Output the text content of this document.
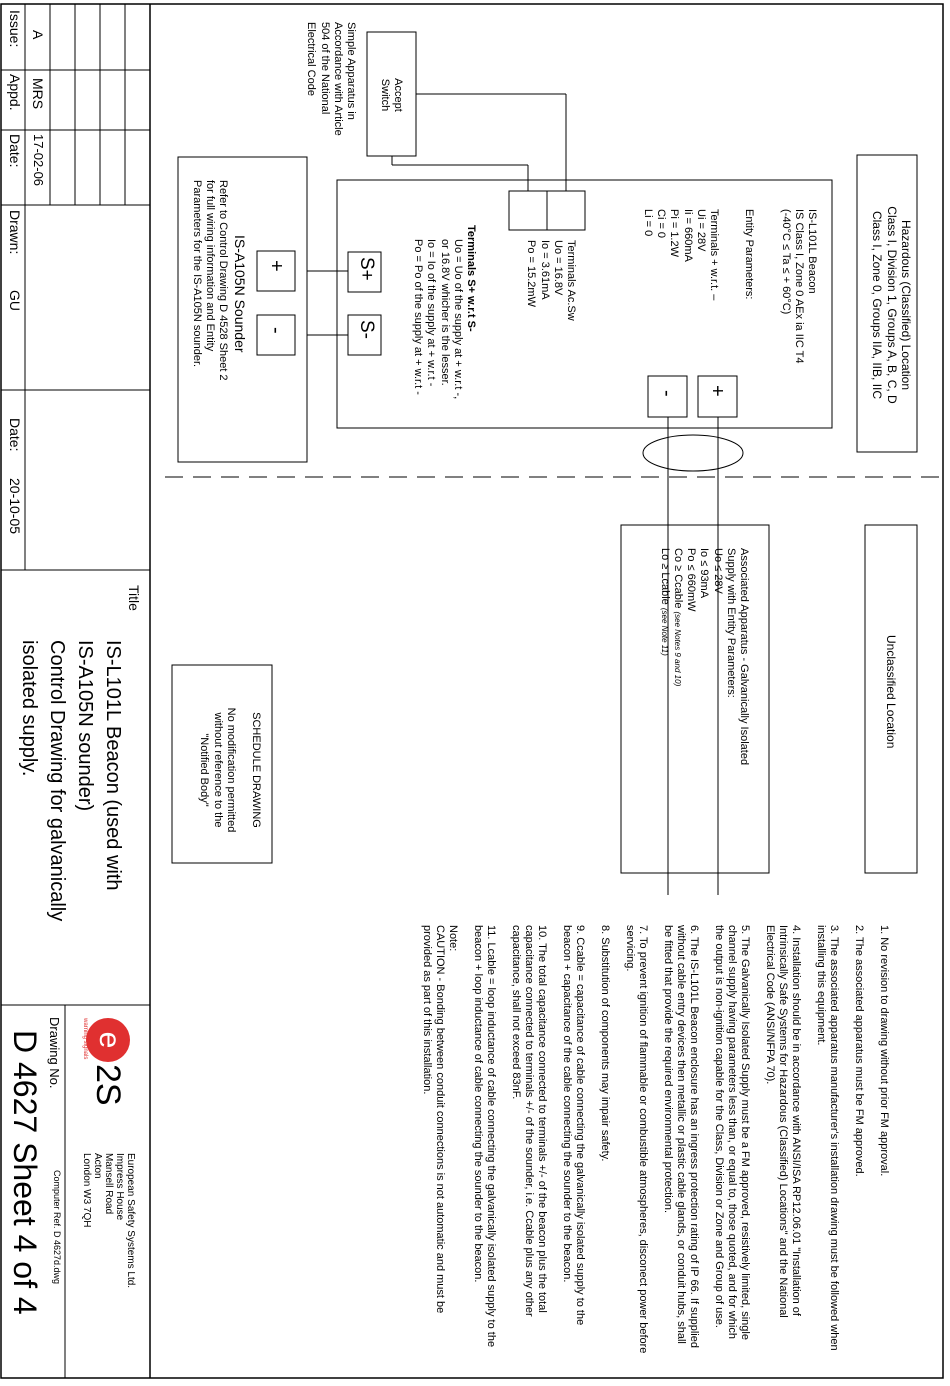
Hazardous (Classified) Location
Class I, Division 1, Groups A, B, C, D
Class I, Zone 0, Groups IIA, IIB, IIC
Unclassified Location
Accept
Switch
Simple Apparatus in
Accordance with Article
504 of the National
Electrical Code
IS-L101L Beacon
IS Class I, Zone 0 AEx ia IIC T4
(-40°C ≤ Ta ≤ + 60°C)
Entity Parameters:
Terminals + w.r.t. –
Ui = 28V
Ii = 660mA
Pi = 1.2W
Ci = 0
Li = 0
Terminals Ac.Sw
Uo = 16.8V
Io = 3.61mA
Po = 15.2mW
Terminals S+ w.r.t S-
Uo = Uo of the supply at + w.r.t -,
or 16.8V whicher is the lesser.
Io = Io of the supply at + w.r.t -
Po = Po of the supply at + w.r.t -	+
-
S+
S-
+
-
IS-A105N Sounder
Refer to Control Drawing D 4528 Sheet 2
for full wiring information and Entity
Parameters for the IS-A105N sounder.
Associated Apparatus - Galvanically Isolated
Supply with Entity Parameters:
Uo ≤ 28V
Io ≤ 93mA
Po ≤ 660mW
Co ≥ Ccable (see Notes 9 and 10)
Lo ≥ Lcable (see Note 11)
1. No revision to drawing without prior FM approval.
2. The associated apparatus must be FM approved.
3. The associated apparatus manufacturer's installation drawing must be followed when installing this equipment.
4. Installation should be in accordance with ANSI/ISA RP12.06.01 "Installation of Intrinsically Safe Systems for Hazardous (Classified) Locations" and the National Electrical Code (ANSI/NFPA 70).
5. The Galvanically Isolated Supply must be a FM approved, resistively limited, single channel supply having parameters less than, or equal to, those quoted, and for which the output is non-ignition capable for the Class, Division or Zone and Group of use.
6. The IS-L101L Beacon enclosure has an ingress protection rating of IP 66. If supplied without cable entry devices then metallic or plastic cable glands, or conduit hubs, shall be fitted that provide the required environmental protection.
7. To prevent ignition of flammable or combustible atmospheres, disconect power before servicing.
8. Substitution of components may impair safety.
9. Ccable = capacitance of cable connecting the galvanically isolated supply to the beacon + capacitance of the cable connecting the sounder to the beacon.
10. The total capacitance connected to terminals +/- of the beacon plus the total capacitance connected to terminals +/- of the sounder, i.e. Ccable plus any other capacitance, shall not exceed 83nF.
11. Lcable = loop inductance of cable connecting the galvanically isolated supply to the beacon + loop inductance of cable connecting the sounder to the beacon.
Note:
CAUTION - Bonding between conduit connections is not automatic and must be provided as part of this installation.
SCHEDULE DRAWING
No modification permitted
without reference to the
"Notified Body"
Issue:
Appd.
Date:
A
MRS
17-02-06
Drawn:
GU
Date:
20-10-05
Title
IS-L101L Beacon (used with
IS-A105N sounder)
Control Drawing for galvanically
isolated supply.
e2S
warning signals
European Safety Systems Ltd.
Impress House
Mansell Road
Acton
London W3 7QH
Computer Ref. D 4627d.dwg
Drawing No.
D 4627 Sheet 4 of 4
